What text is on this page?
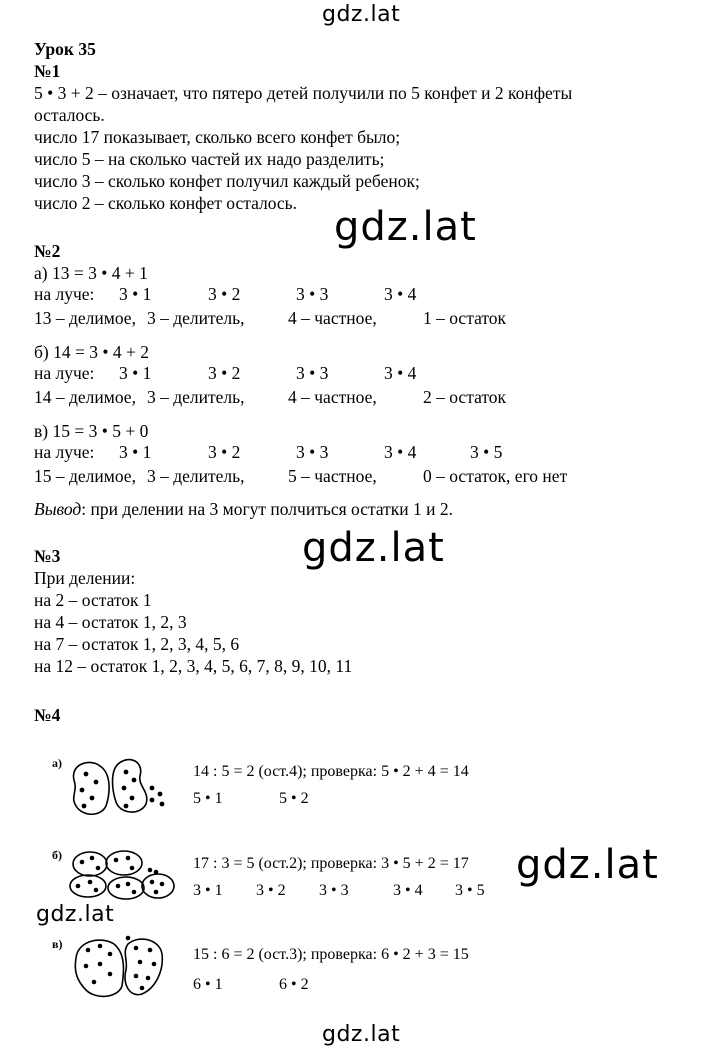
gdz.lat
gdz.lat
gdz.lat
gdz.lat
gdz.lat
gdz.lat
Урок 35
№1
5 • 3 + 2 – означает, что пятеро детей получили по 5 конфет и 2 конфеты
осталось.
число 17 показывает, сколько всего конфет было;
число 5 – на сколько частей их надо разделить;
число 3 – сколько конфет получил каждый ребенок;
число 2 – сколько конфет осталось.
№2
а) 13 = 3 • 4 + 1
на луче: 3 • 1	3 • 2	3 • 3	3 • 4
13 – делимое, 3 – делитель, 4 – частное,	1 – остаток
б) 14 = 3 • 4 + 2
на луче: 3 • 1	3 • 2	3 • 3	3 • 4
14 – делимое, 3 – делитель, 4 – частное,	2 – остаток
в) 15 = 3 • 5 + 0
на луче: 3 • 1	3 • 2	3 • 3	3 • 4	3 • 5
15 – делимое, 3 – делитель, 5 – частное,	0 – остаток, его нет
Вывод: при делении на 3 могут полчиться остатки 1 и 2.
№3
При делении:
на 2 – остаток 1
на 4 – остаток 1, 2, 3
на 7 – остаток 1, 2, 3, 4, 5, 6
на 12 – остаток 1, 2, 3, 4, 5, 6, 7, 8, 9, 10, 11
№4
а)	14 : 5 = 2 (ост.4); проверка: 5 • 2 + 4 = 14
5 • 1	5 • 2
б)	17 : 3 = 5 (ост.2); проверка: 3 • 5 + 2 = 17
3 • 1 3 • 2 3 • 3	3 • 4 3 • 5
в)
15 : 6 = 2 (ост.3); проверка: 6 • 2 + 3 = 15
6 • 1	6 • 2
